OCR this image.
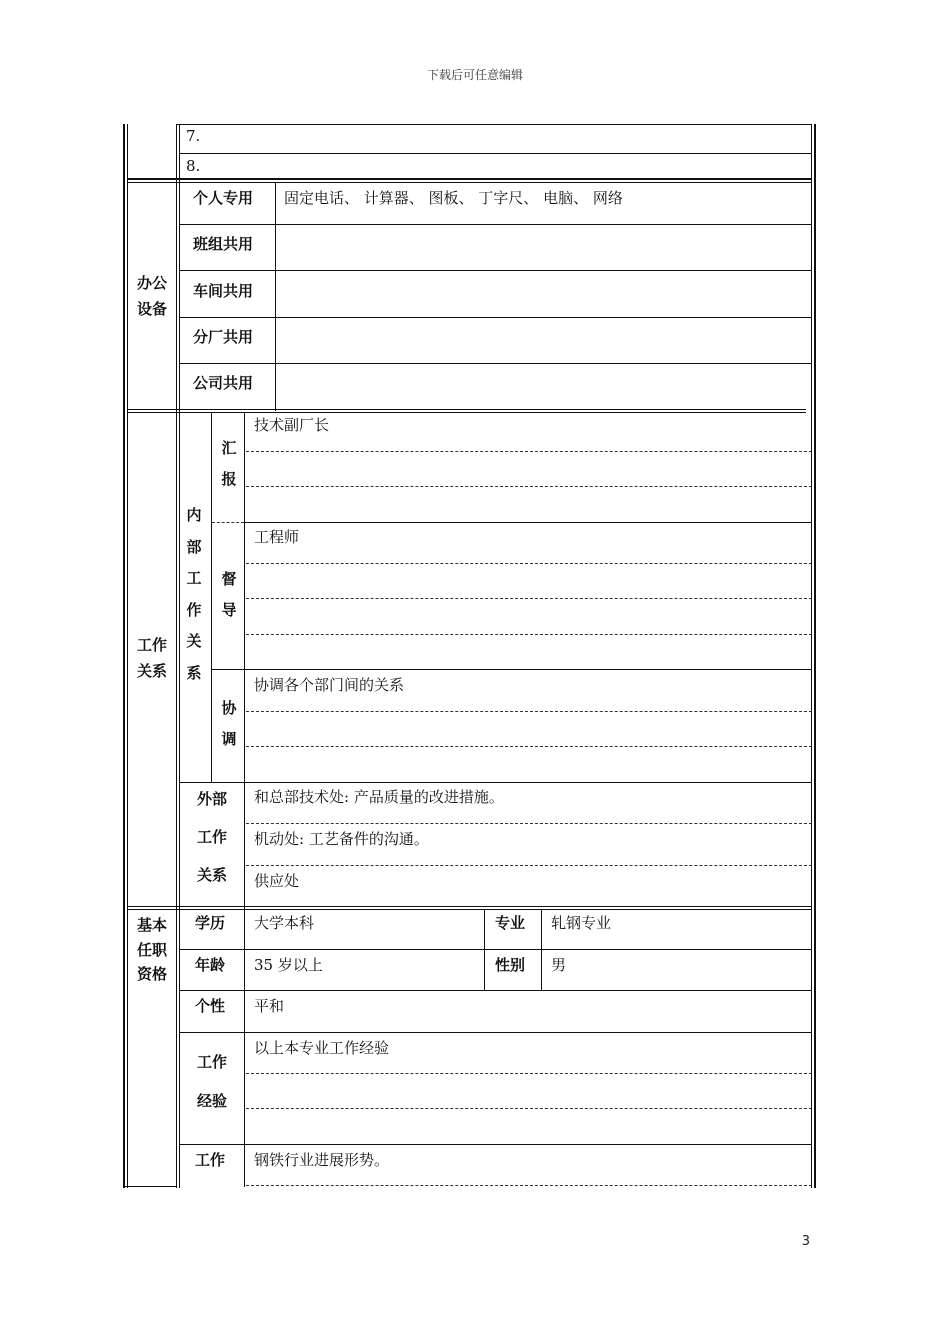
下载后可任意编辑
7.
8.
办公
设备
个人专用 固定电话、 计算器、 图板、 丁字尺、 电脑、 网络
班组共用
车间共用
分厂共用
公司共用
工作
关系
内部工作关系
汇报
技术副厂长
督导
工程师
协调
协调各个部门间的关系
外部

工作

关系
和总部技术处: 产品质量的改进措施。
机动处: 工艺备件的沟通。
供应处
基本
任职
资格
学历 大学本科	专业 轧钢专业
年龄 35 岁以上	性别 男
个性 平和
工作

经验
以上本专业工作经验
工作 钢铁行业进展形势。
3
